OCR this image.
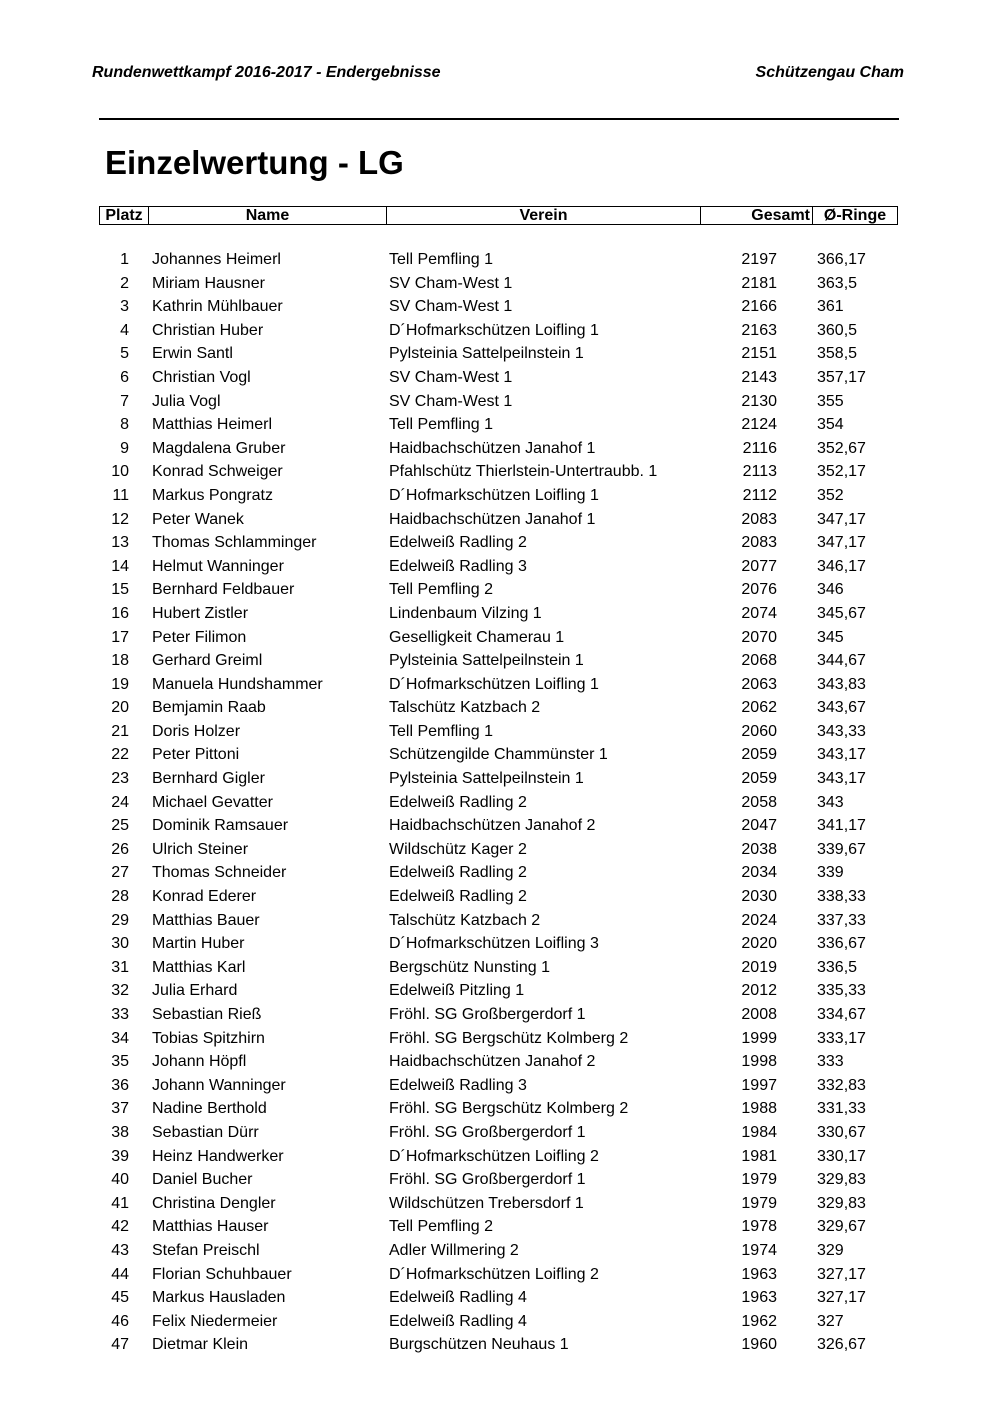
Rundenwettkampf 2016-2017 - Endergebnisse	Schützengau Cham
Einzelwertung - LG
Platz	Name	Verein	Gesamt Ø-Ringe
1 Johannes Heimerl	Tell Pemfling 1	2197	366,17
2 Miriam Hausner	SV Cham-West 1	2181	363,5
3 Kathrin Mühlbauer	SV Cham-West 1	2166	361
4 Christian Huber	D´Hofmarkschützen Loifling 1	2163	360,5
5 Erwin Santl	Pylsteinia Sattelpeilnstein 1	2151	358,5
6 Christian Vogl	SV Cham-West 1	2143	357,17
7 Julia Vogl	SV Cham-West 1	2130	355
8 Matthias Heimerl	Tell Pemfling 1	2124	354
9 Magdalena Gruber	Haidbachschützen Janahof 1	2116	352,67
10 Konrad Schweiger	Pfahlschütz Thierlstein-Untertraubb. 1	2113	352,17
11 Markus Pongratz	D´Hofmarkschützen Loifling 1	2112	352
12 Peter Wanek	Haidbachschützen Janahof 1	2083	347,17
13 Thomas Schlamminger	Edelweiß Radling 2	2083	347,17
14 Helmut Wanninger	Edelweiß Radling 3	2077	346,17
15 Bernhard Feldbauer	Tell Pemfling 2	2076	346
16 Hubert Zistler	Lindenbaum Vilzing 1	2074	345,67
17 Peter Filimon	Geselligkeit Chamerau 1	2070	345
18 Gerhard Greiml	Pylsteinia Sattelpeilnstein 1	2068	344,67
19 Manuela Hundshammer	D´Hofmarkschützen Loifling 1	2063	343,83
20 Bemjamin Raab	Talschütz Katzbach 2	2062	343,67
21 Doris Holzer	Tell Pemfling 1	2060	343,33
22 Peter Pittoni	Schützengilde Chammünster 1	2059	343,17
23 Bernhard Gigler	Pylsteinia Sattelpeilnstein 1	2059	343,17
24 Michael Gevatter	Edelweiß Radling 2	2058	343
25 Dominik Ramsauer	Haidbachschützen Janahof 2	2047	341,17
26 Ulrich Steiner	Wildschütz Kager 2	2038	339,67
27 Thomas Schneider	Edelweiß Radling 2	2034	339
28 Konrad Ederer	Edelweiß Radling 2	2030	338,33
29 Matthias Bauer	Talschütz Katzbach 2	2024	337,33
30 Martin Huber	D´Hofmarkschützen Loifling 3	2020	336,67
31 Matthias Karl	Bergschütz Nunsting 1	2019	336,5
32 Julia Erhard	Edelweiß Pitzling 1	2012	335,33
33 Sebastian Rieß	Fröhl. SG Großbergerdorf 1	2008	334,67
34 Tobias Spitzhirn	Fröhl. SG Bergschütz Kolmberg 2	1999	333,17
35 Johann Höpfl	Haidbachschützen Janahof 2	1998	333
36 Johann Wanninger	Edelweiß Radling 3	1997	332,83
37 Nadine Berthold	Fröhl. SG Bergschütz Kolmberg 2	1988	331,33
38 Sebastian Dürr	Fröhl. SG Großbergerdorf 1	1984	330,67
39 Heinz Handwerker	D´Hofmarkschützen Loifling 2	1981	330,17
40 Daniel Bucher	Fröhl. SG Großbergerdorf 1	1979	329,83
41 Christina Dengler	Wildschützen Trebersdorf 1	1979	329,83
42 Matthias Hauser	Tell Pemfling 2	1978	329,67
43 Stefan Preischl	Adler Willmering 2	1974	329
44 Florian Schuhbauer	D´Hofmarkschützen Loifling 2	1963	327,17
45 Markus Hausladen	Edelweiß Radling 4	1963	327,17
46 Felix Niedermeier	Edelweiß Radling 4	1962	327
47 Dietmar Klein	Burgschützen Neuhaus 1	1960	326,67
